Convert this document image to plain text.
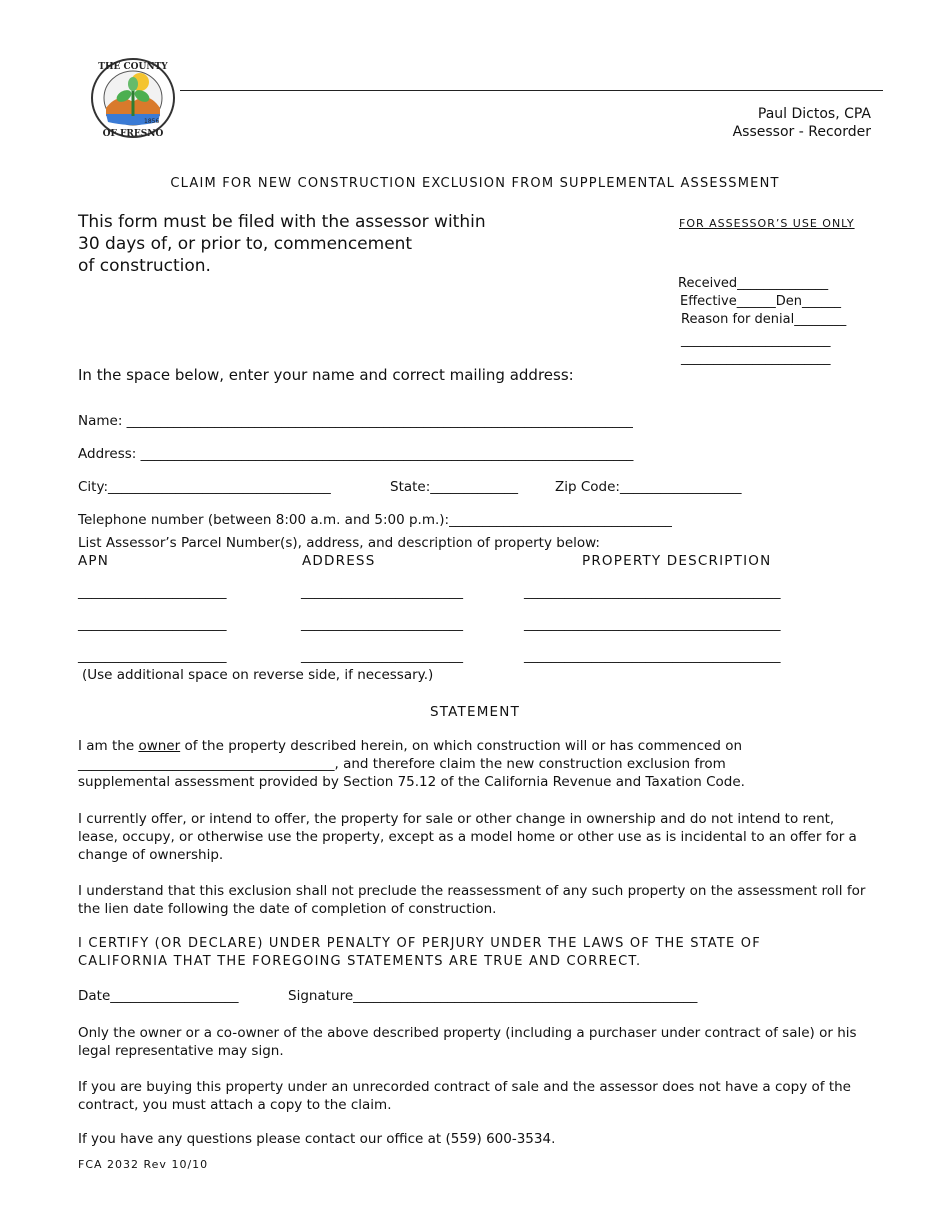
THE COUNTY
OF FRESNO
1856	Paul Dictos, CPA
Assessor - Recorder
CLAIM FOR NEW CONSTRUCTION EXCLUSION FROM SUPPLEMENTAL ASSESSMENT
This form must be filed with the assessor within
30 days of, or prior to, commencement
of construction.
FOR ASSESSOR’S USE ONLY
Received______________
Effective______Den______
Reason for denial________
_______________________
_______________________
In the space below, enter your name and correct mailing address:
Name: ___________________________________________________________________________
Address: _________________________________________________________________________
City:_________________________________	State:_____________	Zip Code:__________________
Telephone number (between 8:00 a.m. and 5:00 p.m.):_________________________________
List Assessor’s Parcel Number(s), address, and description of property below:
APN	ADDRESS	PROPERTY DESCRIPTION
______________________	________________________	______________________________________
______________________	________________________	______________________________________
______________________	________________________	______________________________________
(Use additional space on reverse side, if necessary.)
STATEMENT
I am the owner of the property described herein, on which construction will or has commenced on
______________________________________, and therefore claim the new construction exclusion from
supplemental assessment provided by Section 75.12 of the California Revenue and Taxation Code.
I currently offer, or intend to offer, the property for sale or other change in ownership and do not intend to rent, lease, occupy, or otherwise use the property, except as a model home or other use as is incidental to an offer for a change of ownership.
I understand that this exclusion shall not preclude the reassessment of any such property on the assessment roll for the lien date following the date of completion of construction.
I CERTIFY (OR DECLARE) UNDER PENALTY OF PERJURY UNDER THE LAWS OF THE STATE OF
CALIFORNIA THAT THE FOREGOING STATEMENTS ARE TRUE AND CORRECT.
Date___________________	Signature___________________________________________________
Only the owner or a co-owner of the above described property (including a purchaser under contract of sale) or his legal representative may sign.
If you are buying this property under an unrecorded contract of sale and the assessor does not have a copy of the contract, you must attach a copy to the claim.
If you have any questions please contact our office at (559) 600-3534.
FCA 2032 Rev 10/10
